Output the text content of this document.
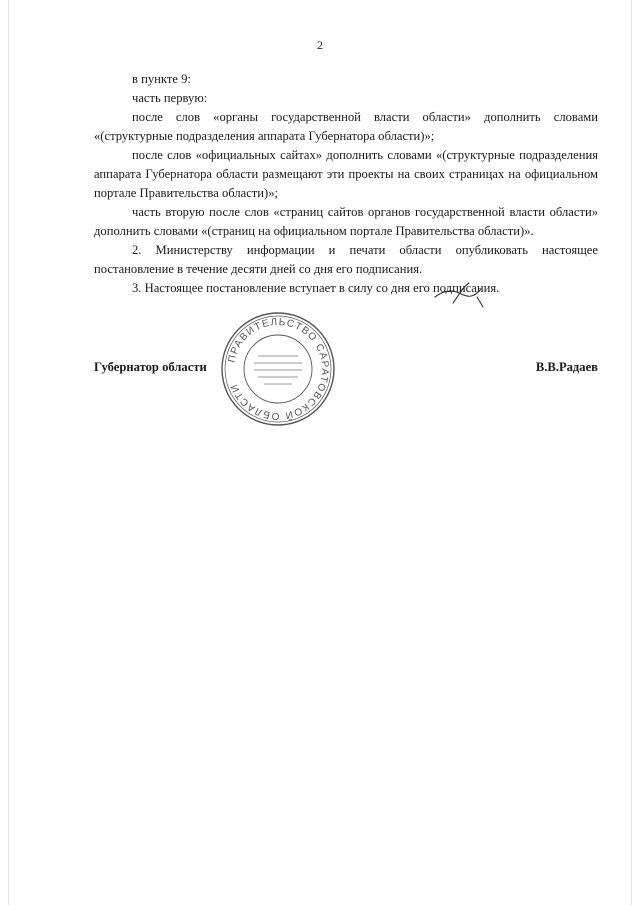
2

в пункте 9:

часть первую:

после слов «органы государственной власти области» дополнить словами «(структурные подразделения аппарата Губернатора области)»;

после слов «официальных сайтах» дополнить словами «(структурные подразделения аппарата Губернатора области размещают эти проекты на своих страницах на официальном портале Правительства области)»;

часть вторую после слов «страниц сайтов органов государственной власти области» дополнить словами «(страниц на официальном портале Правительства области)».

2. Министерству информации и печати области опубликовать настоящее постановление в течение десяти дней со дня его подписания.

3. Настоящее постановление вступает в силу со дня его подписания.

ПРАВИТЕЛЬСТВО САРАТОВСКОЙ ОБЛАСТИ
Губернатор области	В.В.Радаев
